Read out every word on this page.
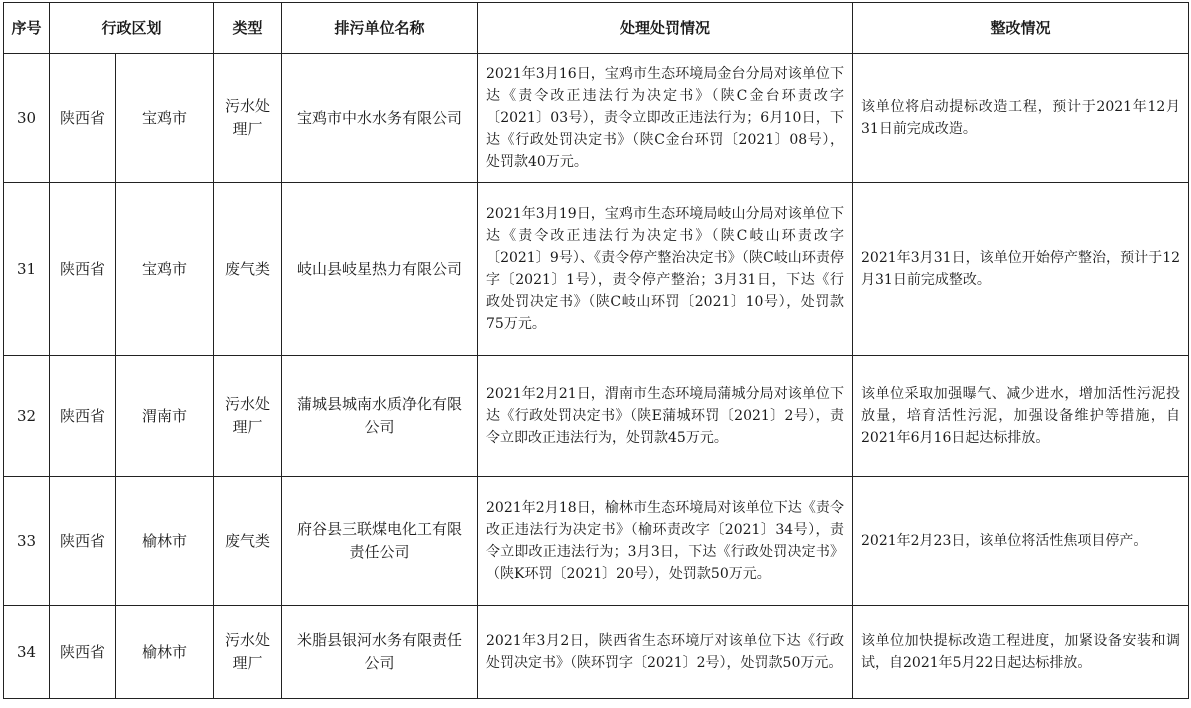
序号	行政区划		类型	排污单位名称	处理处罚情况	整改情况
30	陕西省	宝鸡市	污水处理厂	宝鸡市中水水务有限公司	2021年3月16日，宝鸡市生态环境局金台分局对该单位下达《责令改正违法行为决定书》（陕C金台环责改字〔2021〕03号），责令立即改正违法行为；6月10日，下达《行政处罚决定书》（陕C金台环罚〔2021〕08号），处罚款40万元。	该单位将启动提标改造工程，预计于2021年12月31日前完成改造。
31	陕西省	宝鸡市	废气类	岐山县岐星热力有限公司	2021年3月19日，宝鸡市生态环境局岐山分局对该单位下达《责令改正违法行为决定书》（陕C岐山环责改字〔2021〕9号）、《责令停产整治决定书》（陕C岐山环责停字〔2021〕1号），责令停产整治；3月31日，下达《行政处罚决定书》（陕C岐山环罚〔2021〕10号），处罚款75万元。	2021年3月31日，该单位开始停产整治，预计于12月31日前完成整改。
32	陕西省	渭南市	污水处理厂	蒲城县城南水质净化有限公司	2021年2月21日，渭南市生态环境局蒲城分局对该单位下达《行政处罚决定书》（陕E蒲城环罚〔2021〕2号），责令立即改正违法行为，处罚款45万元。	该单位采取加强曝气、减少进水，增加活性污泥投放量，培育活性污泥，加强设备维护等措施，自2021年6月16日起达标排放。
33	陕西省	榆林市	废气类	府谷县三联煤电化工有限责任公司	2021年2月18日，榆林市生态环境局对该单位下达《责令改正违法行为决定书》（榆环责改字〔2021〕34号），责令立即改正违法行为；3月3日，下达《行政处罚决定书》（陕K环罚〔2021〕20号），处罚款50万元。	2021年2月23日，该单位将活性焦项目停产。
34	陕西省	榆林市	污水处理厂	米脂县银河水务有限责任公司	2021年3月2日，陕西省生态环境厅对该单位下达《行政处罚决定书》（陕环罚字〔2021〕2号），处罚款50万元。	该单位加快提标改造工程进度，加紧设备安装和调试，自2021年5月22日起达标排放。
